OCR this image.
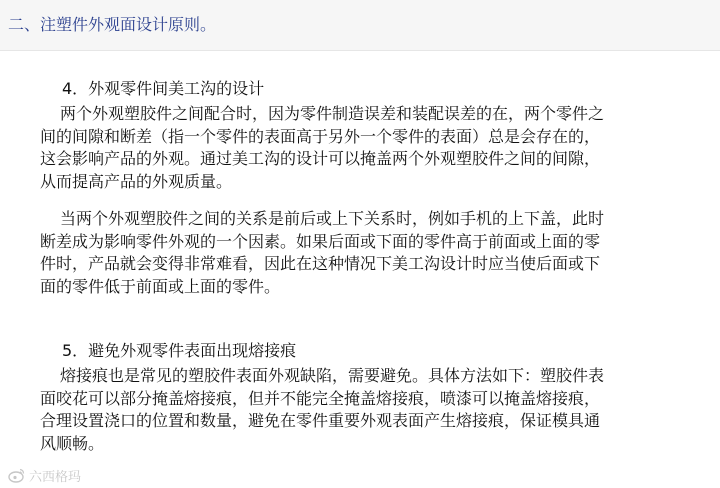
二、注塑件外观面设计原则。
4．外观零件间美工沟的设计
两个外观塑胶件之间配合时，因为零件制造误差和装配误差的在，两个零件之
间的间隙和断差（指一个零件的表面高于另外一个零件的表面）总是会存在的，
这会影响产品的外观。通过美工沟的设计可以掩盖两个外观塑胶件之间的间隙，
从而提高产品的外观质量。
当两个外观塑胶件之间的关系是前后或上下关系时，例如手机的上下盖，此时
断差成为影响零件外观的一个因素。如果后面或下面的零件高于前面或上面的零
件时，产品就会变得非常难看，因此在这种情况下美工沟设计时应当使后面或下
面的零件低于前面或上面的零件。
5．避免外观零件表面出现熔接痕
熔接痕也是常见的塑胶件表面外观缺陷，需要避免。具体方法如下：塑胶件表
面咬花可以部分掩盖熔接痕，但并不能完全掩盖熔接痕，喷漆可以掩盖熔接痕，
合理设置浇口的位置和数量，避免在零件重要外观表面产生熔接痕，保证模具通
风顺畅。
六西格玛
